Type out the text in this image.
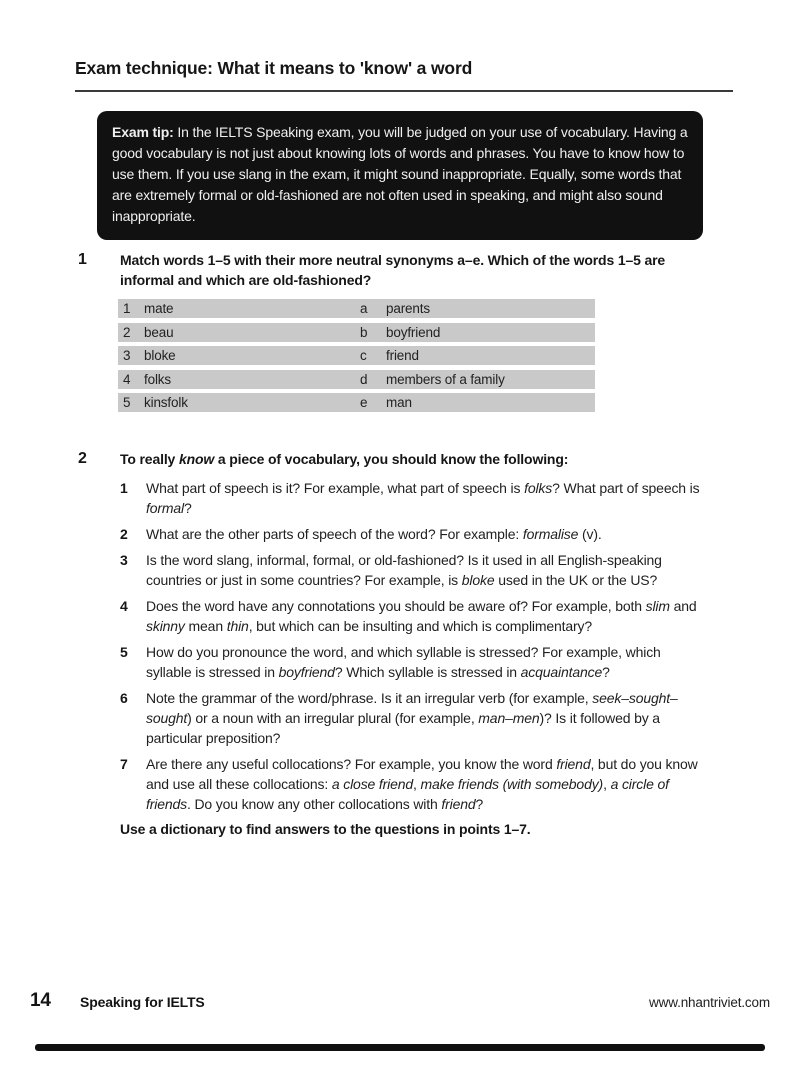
Exam technique: What it means to 'know' a word

Exam tip: In the IELTS Speaking exam, you will be judged on your use of vocabulary. Having a good vocabulary is not just about knowing lots of words and phrases. You have to know how to use them. If you use slang in the exam, it might sound inappropriate. Equally, some words that are extremely formal or old-fashioned are not often used in speaking, and might also sound inappropriate.

1	Match words 1–5 with their more neutral synonyms a–e. Which of the words 1–5 are informal and which are old-fashioned?

1	mate	a	parents
2	beau	b	boyfriend
3	bloke	c	friend
4	folks	d	members of a family
5	kinsfolk	e	man
2	To really know a piece of vocabulary, you should know the following:

1	What part of speech is it? For example, what part of speech is folks? What part of speech is formal?
2	What are the other parts of speech of the word? For example: formalise (v).
3	Is the word slang, informal, formal, or old-fashioned? Is it used in all English-speaking countries or just in some countries? For example, is bloke used in the UK or the US?
4	Does the word have any connotations you should be aware of? For example, both slim and skinny mean thin, but which can be insulting and which is complimentary?
5	How do you pronounce the word, and which syllable is stressed? For example, which syllable is stressed in boyfriend? Which syllable is stressed in acquaintance?
6	Note the grammar of the word/phrase. Is it an irregular verb (for example, seek–sought–sought) or a noun with an irregular plural (for example, man–men)? Is it followed by a particular preposition?
7	Are there any useful collocations? For example, you know the word friend, but do you know and use all these collocations: a close friend, make friends (with somebody), a circle of friends. Do you know any other collocations with friend?

Use a dictionary to find answers to the questions in points 1–7.

14 Speaking for IELTS	www.nhantriviet.com
